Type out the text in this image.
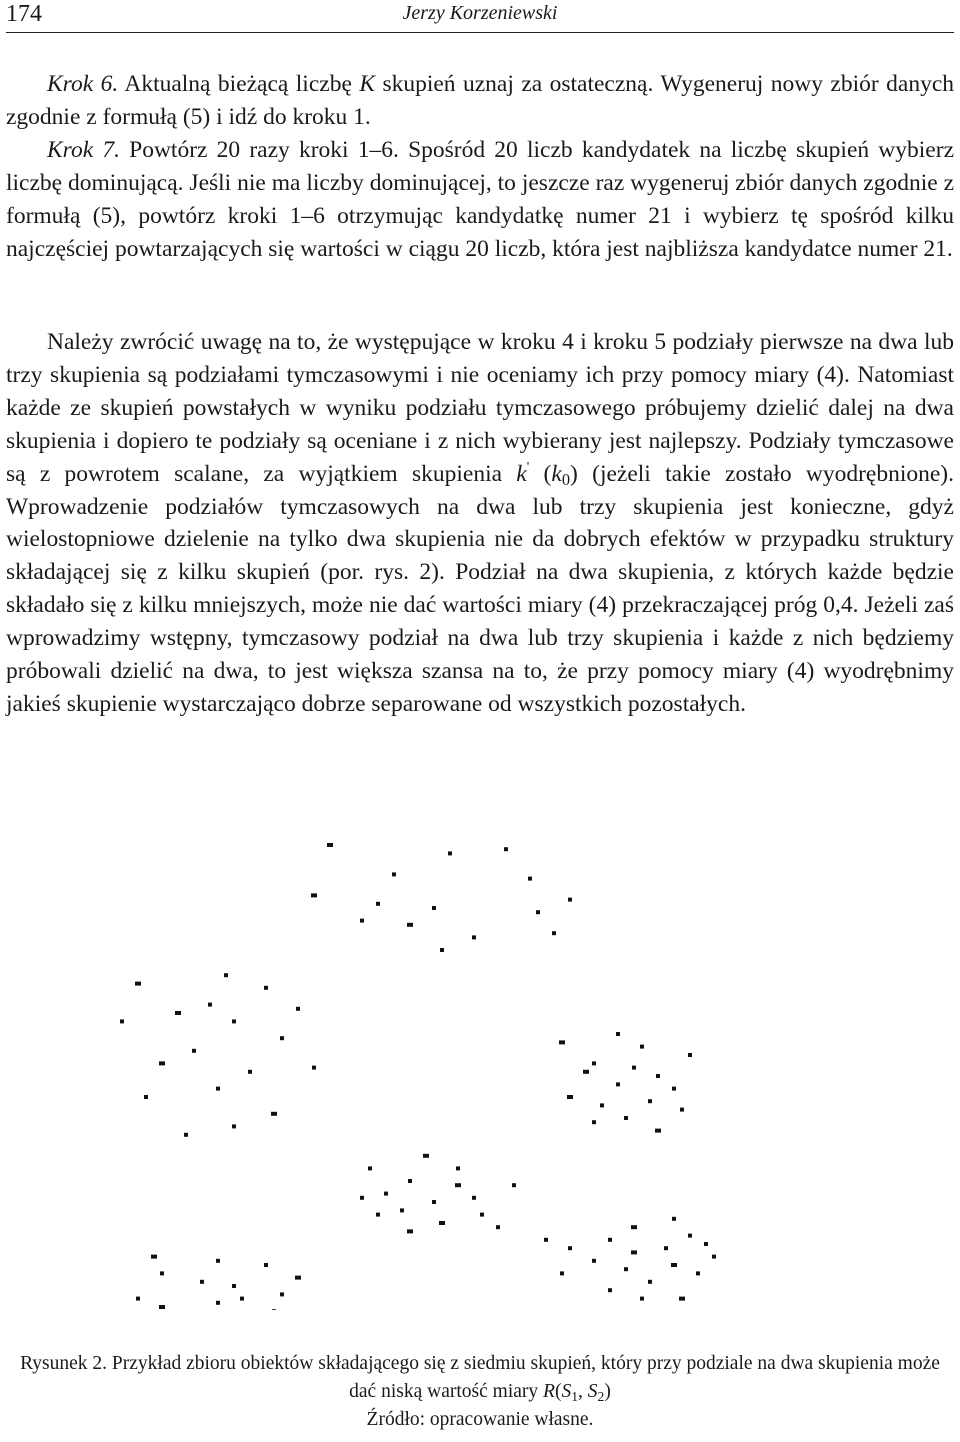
174	Jerzy Korzeniewski

Krok 6. Aktualną bieżącą liczbę K skupień uznaj za ostateczną. Wygeneruj nowy zbiór danych zgodnie z formułą (5) i idź do kroku 1.

Krok 7. Powtórz 20 razy kroki 1–6. Spośród 20 liczb kandydatek na liczbę skupień wybierz liczbę dominującą. Jeśli nie ma liczby dominującej, to jeszcze raz wygeneruj zbiór danych zgodnie z formułą (5), powtórz kroki 1–6 otrzymując kandydatkę numer 21 i wybierz tę spośród kilku najczęściej powtarzających się wartości w ciągu 20 liczb, która jest najbliższa kandydatce numer 21.

Należy zwrócić uwagę na to, że występujące w kroku 4 i kroku 5 podziały pierwsze na dwa lub trzy skupienia są podziałami tymczasowymi i nie oceniamy ich przy pomocy miary (4). Natomiast każde ze skupień powstałych w wyniku podziału tymczasowego próbujemy dzielić dalej na dwa skupienia i dopiero te podziały są oceniane i z nich wybierany jest najlepszy. Podziały tymczasowe są z powrotem scalane, za wyjątkiem skupienia k' $(k_0)$ (jeżeli takie zostało wyodrębnione). Wprowadzenie podziałów tymczasowych na dwa lub trzy skupienia jest konieczne, gdyż wielostopniowe dzielenie na tylko dwa skupienia nie da dobrych efektów w przypadku struktury składającej się z kilku skupień (por. rys. 2). Podział na dwa skupienia, z których każde będzie składało się z kilku mniejszych, może nie dać wartości miary (4) przekraczającej próg 0,4. Jeżeli zaś wprowadzimy wstępny, tymczasowy podział na dwa lub trzy skupienia i każde z nich będziemy próbowali dzielić na dwa, to jest większa szansa na to, że przy pomocy miary (4) wyodrębnimy jakieś skupienie wystarczająco dobrze separowane od wszystkich pozostałych.

Rysunek 2. Przykład zbioru obiektów składającego się z siedmiu skupień, który przy podziale na dwa skupienia może dać niską wartość miary $R(S_1$, $S_2$)
Źródło: opracowanie własne.
